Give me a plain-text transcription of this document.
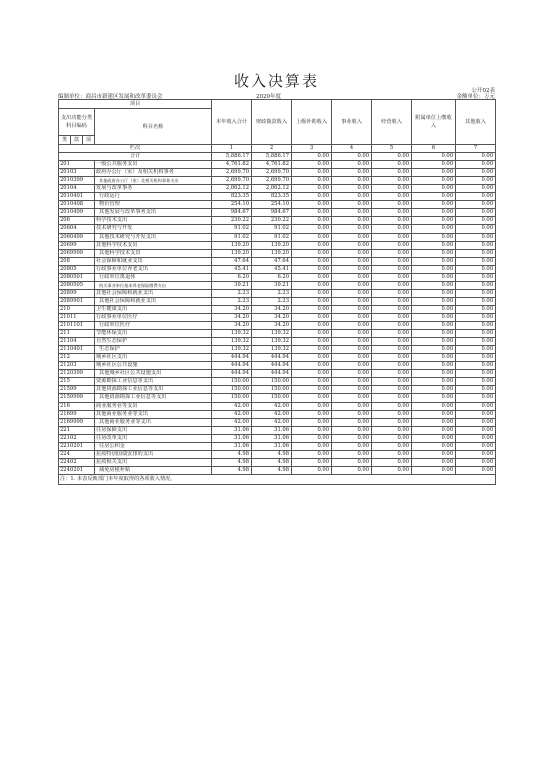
收入决算表
公开02表
编制单位：商昌市新建区发展和改革委员会	2020年度	金额单位：万元
项目				本年收入合计	财政拨款收入	上级补助收入	事业收入	经营收入	附属单位上缴收入	其他收入
支出功能分类
科目编码			科目名称							
类	款	项								
栏次				1	2	3	4	5	6	7
合计				5,886.17	5,886.17	0.00	0.00	0.00	0.00	0.00
201			一般公共服务支出	4,761.82	4,761.82	0.00	0.00	0.00	0.00	0.00
20103			政府办公厅（室）及相关机构事务	2,699.70	2,699.70	0.00	0.00	0.00	0.00	0.00
2010399			其他政府办公厅（室）及相关机构事务支出	2,699.70	2,699.70	0.00	0.00	0.00	0.00	0.00
20104			发展与改革事务	2,062.12	2,062.12	0.00	0.00	0.00	0.00	0.00
2010401			行政运行	823.35	823.35	0.00	0.00	0.00	0.00	0.00
2010408			物价管理	254.10	254.10	0.00	0.00	0.00	0.00	0.00
2010499			其他发展与改革事务支出	984.67	984.67	0.00	0.00	0.00	0.00	0.00
206			科学技术支出	230.22	230.22	0.00	0.00	0.00	0.00	0.00
20604			技术研究与开发	91.02	91.02	0.00	0.00	0.00	0.00	0.00
2060499			其他技术研究与开发支出	91.02	91.02	0.00	0.00	0.00	0.00	0.00
20699			其他科学技术支出	139.20	139.20	0.00	0.00	0.00	0.00	0.00
2069999			其他科学技术支出	139.20	139.20	0.00	0.00	0.00	0.00	0.00
208			社会保障和就业支出	47.64	47.64	0.00	0.00	0.00	0.00	0.00
20805			行政事业单位养老支出	45.41	45.41	0.00	0.00	0.00	0.00	0.00
2080501			行政单位离退休	6.20	6.20	0.00	0.00	0.00	0.00	0.00
2080505			机关事业单位基本养老保险缴费支出	39.21	39.21	0.00	0.00	0.00	0.00	0.00
20899			其他社会保障和就业支出	2.23	2.23	0.00	0.00	0.00	0.00	0.00
2089901			其他社会保障和就业支出	2.23	2.23	0.00	0.00	0.00	0.00	0.00
210			卫生健康支出	34.20	34.20	0.00	0.00	0.00	0.00	0.00
21011			行政事业单位医疗	34.20	34.20	0.00	0.00	0.00	0.00	0.00
2101101			行政单位医疗	34.20	34.20	0.00	0.00	0.00	0.00	0.00
211			节能环保支出	139.32	139.32	0.00	0.00	0.00	0.00	0.00
21104			自然生态保护	139.32	139.32	0.00	0.00	0.00	0.00	0.00
2110401			生态保护	139.32	139.32	0.00	0.00	0.00	0.00	0.00
212			城乡社区支出	444.94	444.94	0.00	0.00	0.00	0.00	0.00
21203			城乡社区公共设施	444.94	444.94	0.00	0.00	0.00	0.00	0.00
2120399			其他城乡社区公共设施支出	444.94	444.94	0.00	0.00	0.00	0.00	0.00
215			资源勘探工业信息等支出	150.00	150.00	0.00	0.00	0.00	0.00	0.00
21599			其他资源勘探工业信息等支出	150.00	150.00	0.00	0.00	0.00	0.00	0.00
2159999			其他资源勘探工业信息等支出	150.00	150.00	0.00	0.00	0.00	0.00	0.00
216			商业服务业等支出	42.00	42.00	0.00	0.00	0.00	0.00	0.00
21699			其他商业服务业等支出	42.00	42.00	0.00	0.00	0.00	0.00	0.00
2169999			其他商业服务业等支出	42.00	42.00	0.00	0.00	0.00	0.00	0.00
221			住房保障支出	31.06	31.06	0.00	0.00	0.00	0.00	0.00
22102			住房改革支出	31.06	31.06	0.00	0.00	0.00	0.00	0.00
2210201			住房公积金	31.06	31.06	0.00	0.00	0.00	0.00	0.00
224			抗疫特别国债安排的支出	4.98	4.98	0.00	0.00	0.00	0.00	0.00
22402			抗疫相关支出	4.98	4.98	0.00	0.00	0.00	0.00	0.00
2240201			减免房租补贴	4.98	4.98	0.00	0.00	0.00	0.00	0.00
注：1. 本表反映部门本年度取得的各项收入情况。										
